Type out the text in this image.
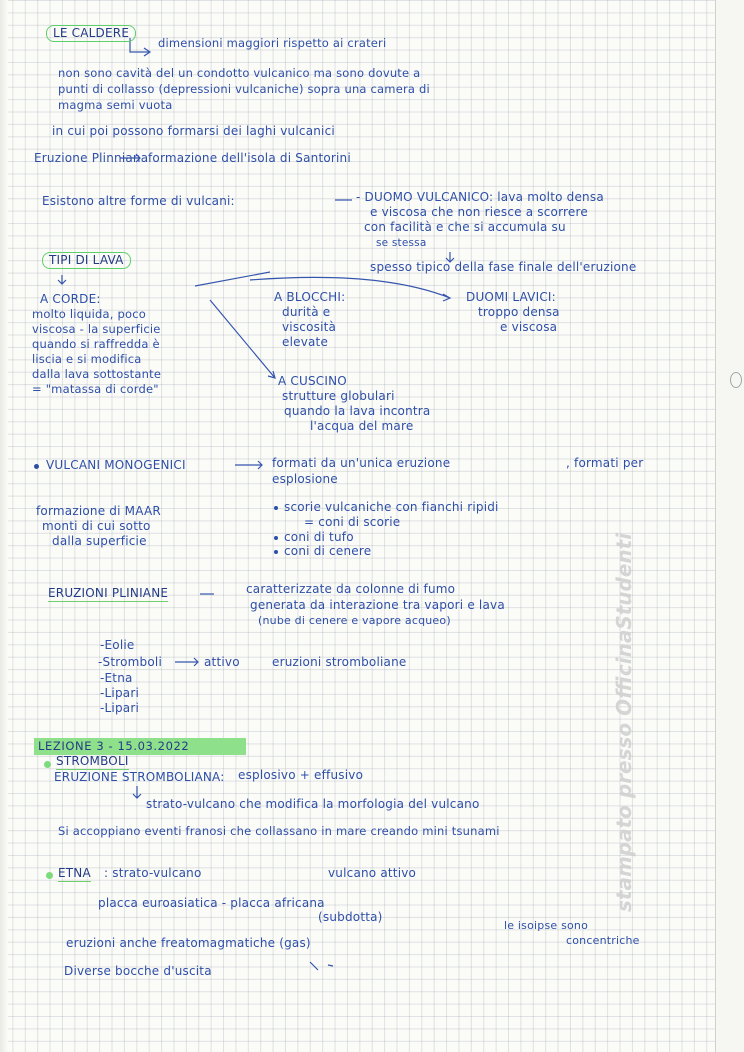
LE CALDERE
dimensioni maggiori rispetto ai crateri
non sono cavità del un condotto vulcanico ma sono dovute a
punti di collasso (depressioni vulcaniche) sopra una camera di
magma semi vuota
in cui poi possono formarsi dei laghi vulcanici
Eruzione Plinniana formazione dell'isola di Santorini
Esistono altre forme di vulcani:	- DUOMO VULCANICO: lava molto densa
e viscosa che non riesce a scorrere
con facilità e che si accumula su
se stessa
spesso tipico della fase finale dell'eruzione
TIPI DI LAVA
A CORDE:
molto liquida, poco
viscosa - la superficie
quando si raffredda è
liscia e si modifica
dalla lava sottostante
= "matassa di corde"
A BLOCCHI:
durità e
viscosità
elevate
DUOMI LAVICI:
troppo densa
e viscosa
A CUSCINO
strutture globulari
quando la lava incontra
l'acqua del mare
VULCANI MONOGENICI	formati da un'unica eruzione	, formati per
esplosione
formazione di MAAR
monti di cui sotto
dalla superficie
scorie vulcaniche con fianchi ripidi
= coni di scorie
coni di tufo
coni di cenere
ERUZIONI PLINIANE	caratterizzate da colonne di fumo
generata da interazione tra vapori e lava
(nube di cenere e vapore acqueo)
-Eolie
-Stromboli	attivo	eruzioni stromboliane
-Etna
-Lipari
-Lipari
LEZIONE 3 - 15.03.2022
STROMBOLI
ERUZIONE STROMBOLIANA: esplosivo + effusivo
strato-vulcano che modifica la morfologia del vulcano
Si accoppiano eventi franosi che collassano in mare creando mini tsunami
ETNA : strato-vulcano	vulcano attivo
placca euroasiatica - placca africana
(subdotta)
le isoipse sono
concentriche
eruzioni anche freatomagmatiche (gas)
Diverse bocche d'uscita
stampato presso OfficinaStudenti
